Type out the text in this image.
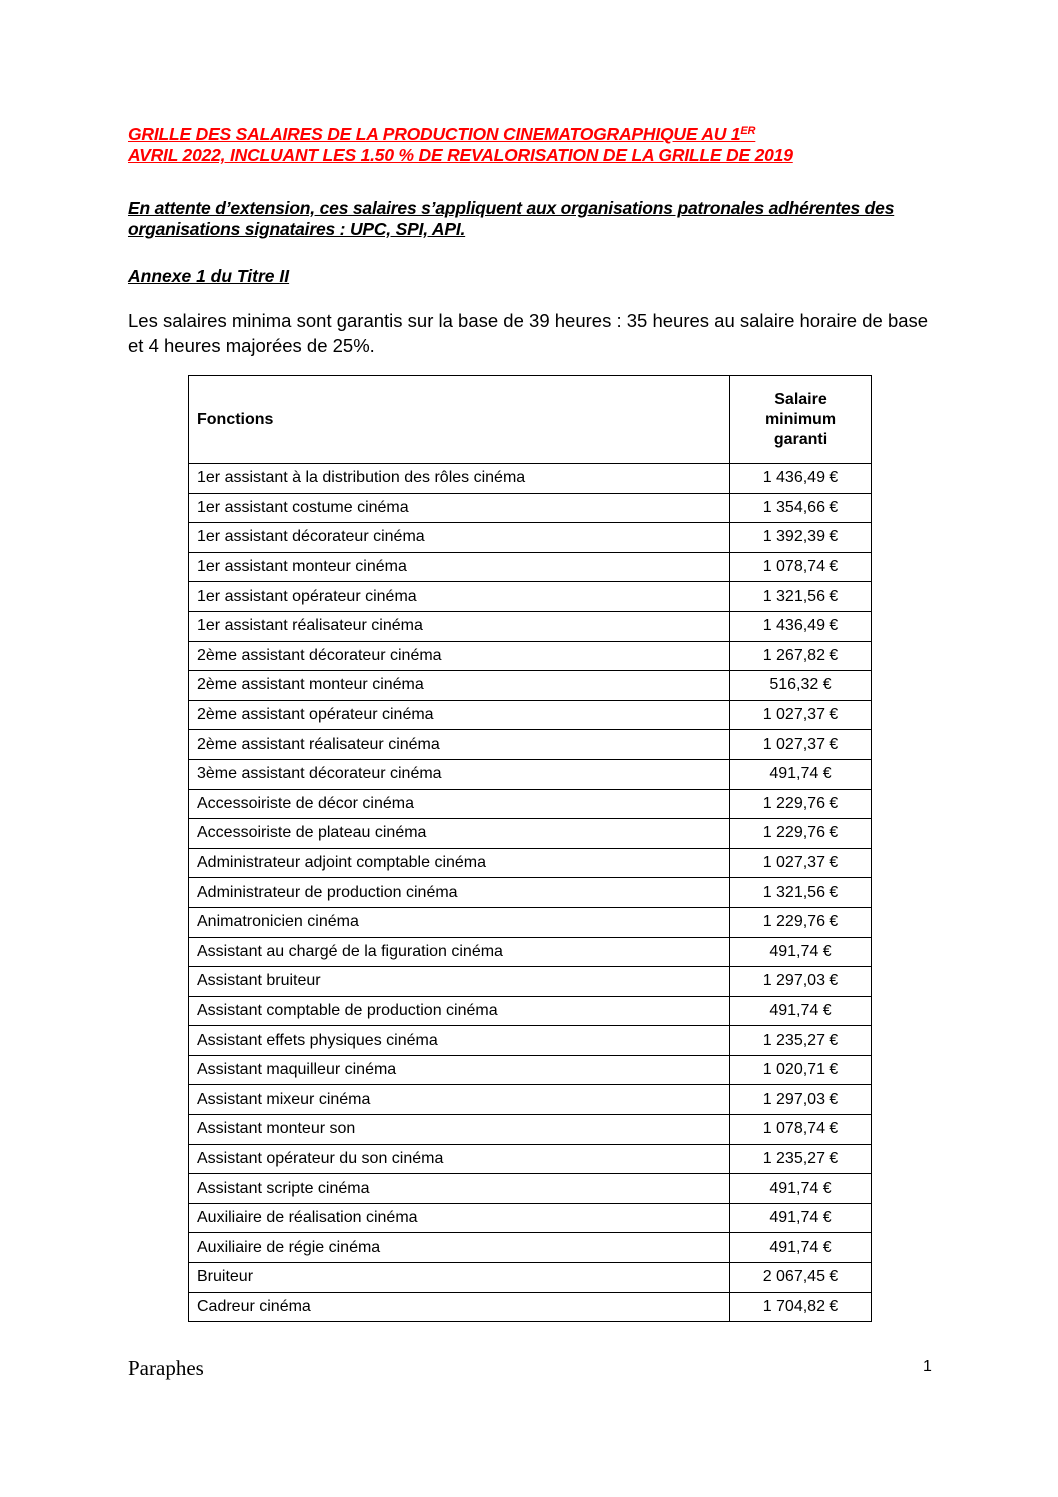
GRILLE DES SALAIRES DE LA PRODUCTION CINEMATOGRAPHIQUE AU 1ER
AVRIL 2022, INCLUANT LES 1.50 % DE REVALORISATION DE LA GRILLE DE 2019

En attente d’extension, ces salaires s’appliquent aux organisations patronales adhérentes des organisations signataires : UPC, SPI, API.

Annexe 1 du Titre II

Les salaires minima sont garantis sur la base de 39 heures : 35 heures au salaire horaire de base et 4 heures majorées de 25%.

Fonctions	Salaire
minimum
garanti
1er assistant à la distribution des rôles cinéma	1 436,49 €
1er assistant costume cinéma	1 354,66 €
1er assistant décorateur cinéma	1 392,39 €
1er assistant monteur cinéma	1 078,74 €
1er assistant opérateur cinéma	1 321,56 €
1er assistant réalisateur cinéma	1 436,49 €
2ème assistant décorateur cinéma	1 267,82 €
2ème assistant monteur cinéma	516,32 €
2ème assistant opérateur cinéma	1 027,37 €
2ème assistant réalisateur cinéma	1 027,37 €
3ème assistant décorateur cinéma	491,74 €
Accessoiriste de décor cinéma	1 229,76 €
Accessoiriste de plateau cinéma	1 229,76 €
Administrateur adjoint comptable cinéma	1 027,37 €
Administrateur de production cinéma	1 321,56 €
Animatronicien cinéma	1 229,76 €
Assistant au chargé de la figuration cinéma	491,74 €
Assistant bruiteur	1 297,03 €
Assistant comptable de production cinéma	491,74 €
Assistant effets physiques cinéma	1 235,27 €
Assistant maquilleur cinéma	1 020,71 €
Assistant mixeur cinéma	1 297,03 €
Assistant monteur son	1 078,74 €
Assistant opérateur du son cinéma	1 235,27 €
Assistant scripte cinéma	491,74 €
Auxiliaire de réalisation cinéma	491,74 €
Auxiliaire de régie cinéma	491,74 €
Bruiteur	2 067,45 €
Cadreur cinéma	1 704,82 €
Paraphes	1
